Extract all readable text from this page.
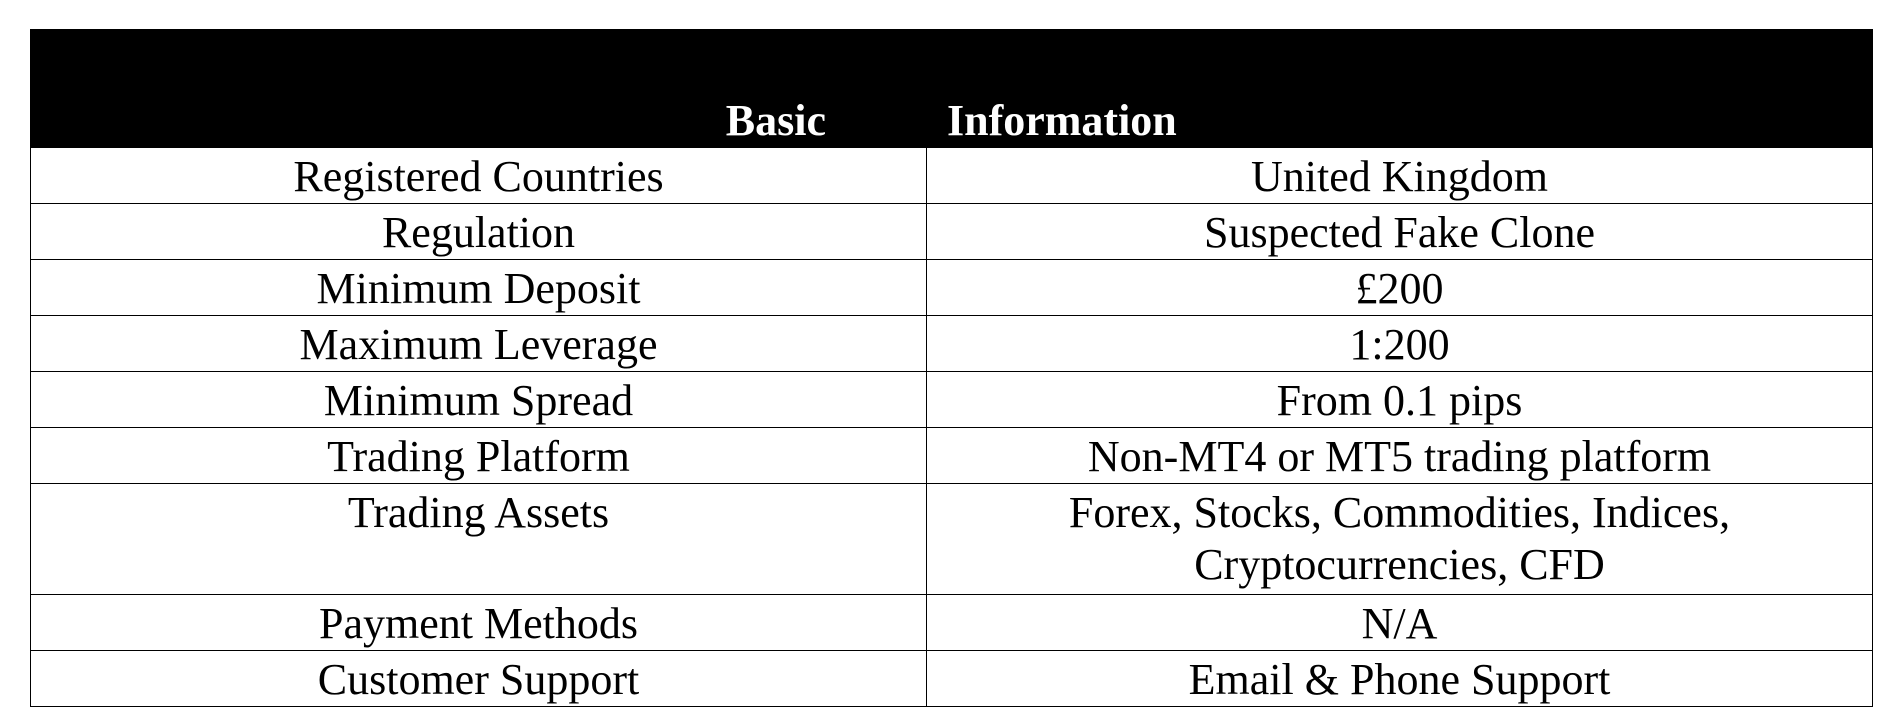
Basic	Information
Registered Countries	United Kingdom
Regulation	Suspected Fake Clone
Minimum Deposit	£200
Maximum Leverage	1:200
Minimum Spread	From 0.1 pips
Trading Platform	Non-MT4 or MT5 trading platform
Trading Assets	Forex, Stocks, Commodities, Indices, Cryptocurrencies, CFD
Payment Methods	N/A
Customer Support	Email & Phone Support
